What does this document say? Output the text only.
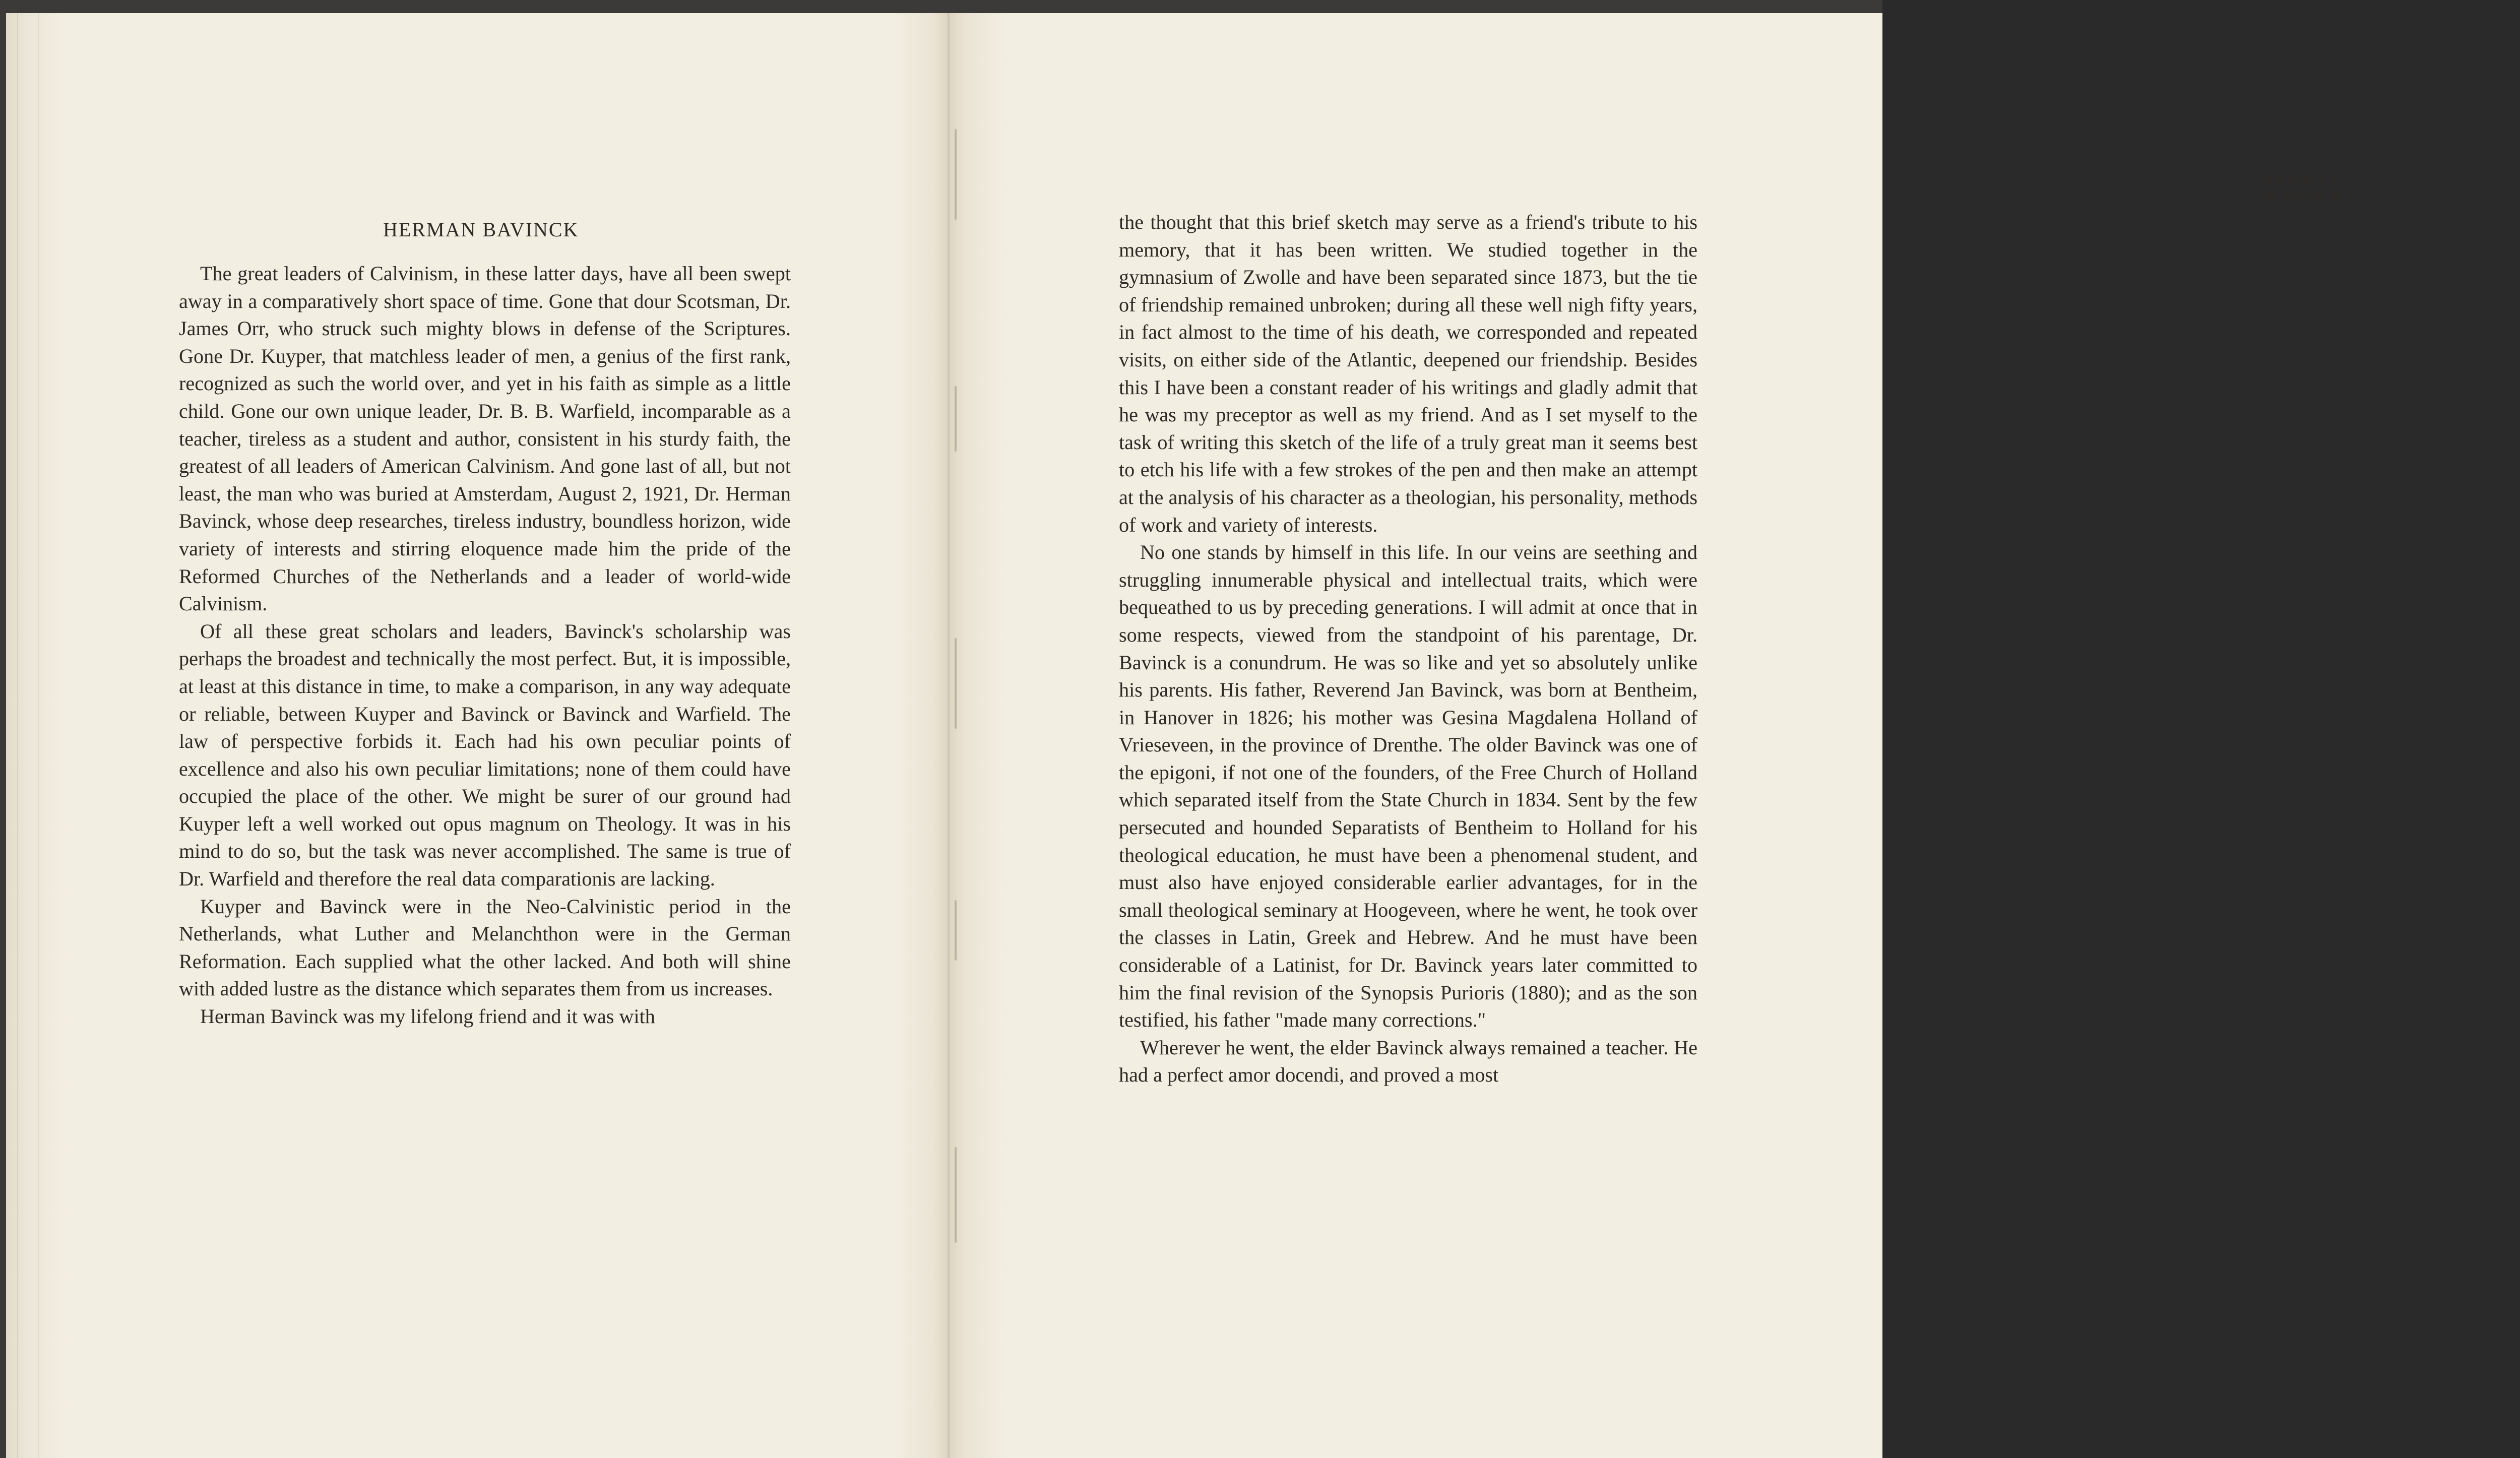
HERMAN BAVINCK

The great leaders of Calvinism, in these latter days, have all been swept away in a comparatively short space of time. Gone that dour Scotsman, Dr. James Orr, who struck such mighty blows in defense of the Scriptures. Gone Dr. Kuyper, that matchless leader of men, a genius of the first rank, recognized as such the world over, and yet in his faith as simple as a little child. Gone our own unique leader, Dr. B. B. Warfield, incomparable as a teacher, tireless as a student and author, consistent in his sturdy faith, the greatest of all leaders of American Calvinism. And gone last of all, but not least, the man who was buried at Amsterdam, August 2, 1921, Dr. Herman Bavinck, whose deep researches, tireless industry, boundless horizon, wide variety of interests and stirring eloquence made him the pride of the Reformed Churches of the Netherlands and a leader of world-wide Calvinism.

Of all these great scholars and leaders, Bavinck's scholarship was perhaps the broadest and technically the most perfect. But, it is impossible, at least at this distance in time, to make a comparison, in any way adequate or reliable, between Kuyper and Bavinck or Bavinck and Warfield. The law of perspective forbids it. Each had his own peculiar points of excellence and also his own peculiar limitations; none of them could have occupied the place of the other. We might be surer of our ground had Kuyper left a well worked out opus magnum on Theology. It was in his mind to do so, but the task was never accomplished. The same is true of Dr. Warfield and therefore the real data comparationis are lacking.

Kuyper and Bavinck were in the Neo-Calvinistic period in the Netherlands, what Luther and Melanchthon were in the German Reformation. Each supplied what the other lacked. And both will shine with added lustre as the distance which separates them from us increases.

Herman Bavinck was my lifelong friend and it was with

HERMAN BAVINCK

the thought that this brief sketch may serve as a friend's tribute to his memory, that it has been written. We studied together in the gymnasium of Zwolle and have been separated since 1873, but the tie of friendship remained unbroken; during all these well nigh fifty years, in fact almost to the time of his death, we corresponded and repeated visits, on either side of the Atlantic, deepened our friendship. Besides this I have been a constant reader of his writings and gladly admit that he was my preceptor as well as my friend. And as I set myself to the task of writing this sketch of the life of a truly great man it seems best to etch his life with a few strokes of the pen and then make an attempt at the analysis of his character as a theologian, his personality, methods of work and variety of interests.

No one stands by himself in this life. In our veins are seething and struggling innumerable physical and intellectual traits, which were bequeathed to us by preceding generations. I will admit at once that in some respects, viewed from the standpoint of his parentage, Dr. Bavinck is a conundrum. He was so like and yet so absolutely unlike his parents. His father, Reverend Jan Bavinck, was born at Bentheim, in Hanover in 1826; his mother was Gesina Magdalena Holland of Vrieseveen, in the province of Drenthe. The older Bavinck was one of the epigoni, if not one of the founders, of the Free Church of Holland which separated itself from the State Church in 1834. Sent by the few persecuted and hounded Separatists of Bentheim to Holland for his theological education, he must have been a phenomenal student, and must also have enjoyed considerable earlier advantages, for in the small theological seminary at Hoogeveen, where he went, he took over the classes in Latin, Greek and Hebrew. And he must have been considerable of a Latinist, for Dr. Bavinck years later committed to him the final revision of the Synopsis Purioris (1880); and as the son testified, his father "made many corrections."

Wherever he went, the elder Bavinck always remained a teacher. He had a perfect amor docendi, and proved a most
